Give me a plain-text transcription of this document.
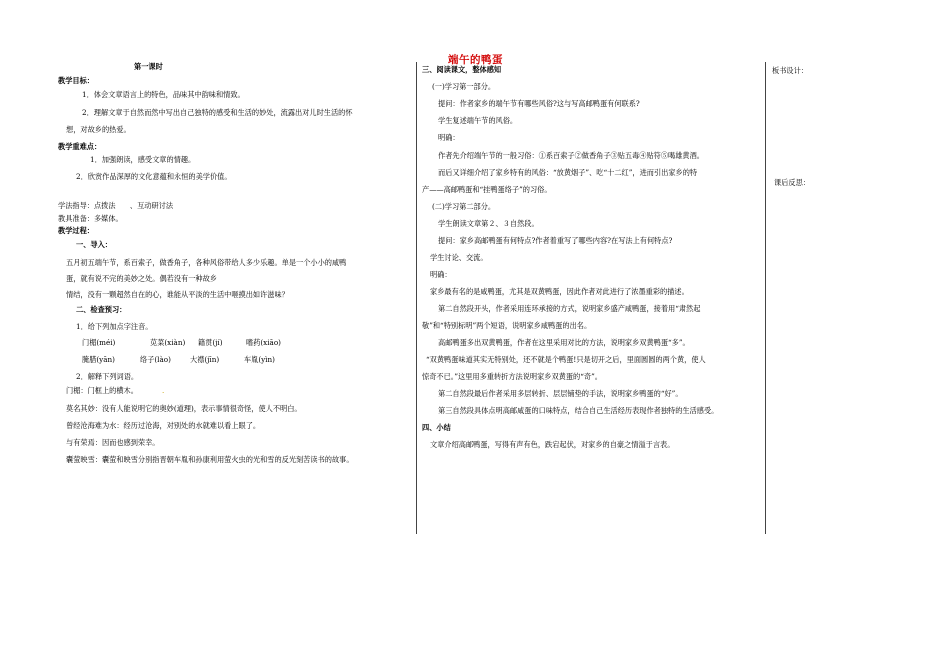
端午的鸭蛋
第一课时
教学目标：
1．体会文章语言上的特色，品味其中韵味和情致。
2．理解文章于自然而然中写出自己独特的感受和生活的妙处，流露出对儿时生活的怀
想，对故乡的热爱。
教学重难点：
1．加强朗读，感受文章的情趣。
2．欣赏作品深厚的文化意蕴和永恒的美学价值。
学法指导：点拨法　　、互动研讨法
教具准备：多媒体。
教学过程：
一、导入：
五月初五端午节，系百索子，做香角子，各种风俗带给人多少乐趣。单是一个小小的咸鸭
蛋，就有说不完的美妙之处。偶若没有一种故乡
情结，没有一颗超然自在的心，谁能从平淡的生活中咂摸出如许滋味？
二、检查预习：
1．给下列加点字注音。
门楣(méi)	苋菜(xiàn) 籍贯(jí)	嗜药(xiāo)
腌腊(yān)	络子(lào)	大襟(jīn)	车胤(yìn)
2．解释下列词语。
门楣：门框上的横木。	.
莫名其妙：没有人能说明它的奥妙(道理)，表示事情很奇怪，使人不明白。
曾经沧海难为水：经历过沧海，对别处的水就难以看上眼了。
与有荣焉：因而也感到荣幸。
囊萤映雪：囊萤和映雪分别指晋朝车胤和孙康利用萤火虫的光和雪的反光刻苦读书的故事。
三、阅读课文，整体感知
(一)学习第一部分。
提问：作者家乡的端午节有哪些风俗?这与写高邮鸭蛋有何联系?
学生复述端午节的风俗。
明确：
作者先介绍端午节的一般习俗：①系百索子②做香角子③贴五毒④贴符⑤喝雄黄酒。
而后又详细介绍了家乡特有的风俗：“放黄烟子”、吃“十二红”，进而引出家乡的特
产——高邮鸭蛋和“挂鸭蛋络子”的习俗。
(二)学习第二部分。
学生朗读文章第２、３自然段。
提问：家乡高邮鸭蛋有何特点?作者着重写了哪些内容?在写法上有何特点?
学生讨论、交流。
明确：
家乡最有名的是咸鸭蛋，尤其是双黄鸭蛋，因此作者对此进行了浓墨重彩的描述。
第二自然段开头，作者采用连环承接的方式，说明家乡盛产咸鸭蛋，接着用“肃然起
敬”和“特别标明”两个短语，说明家乡咸鸭蛋的出名。
高邮鸭蛋多出双黄鸭蛋，作者在这里采用对比的方法，说明家乡双黄鸭蛋“多”。
“双黄鸭蛋味道其实无特别处，还不就是个鸭蛋!只是切开之后，里面圆圆的两个黄，使人
惊奇不已。”这里用多重转折方法说明家乡双黄蛋的“奇”。
第二自然段最后作者采用多层转折、层层铺垫的手法，说明家乡鸭蛋的“好”。
第三自然段具体点明高邮咸蛋的口味特点，结合自己生活经历表现作者独特的生活感受。
四、小结
文章介绍高邮鸭蛋，写得有声有色，跌宕起伏，对家乡的自豪之情溢于言表。
板书设计：
课后反思：
